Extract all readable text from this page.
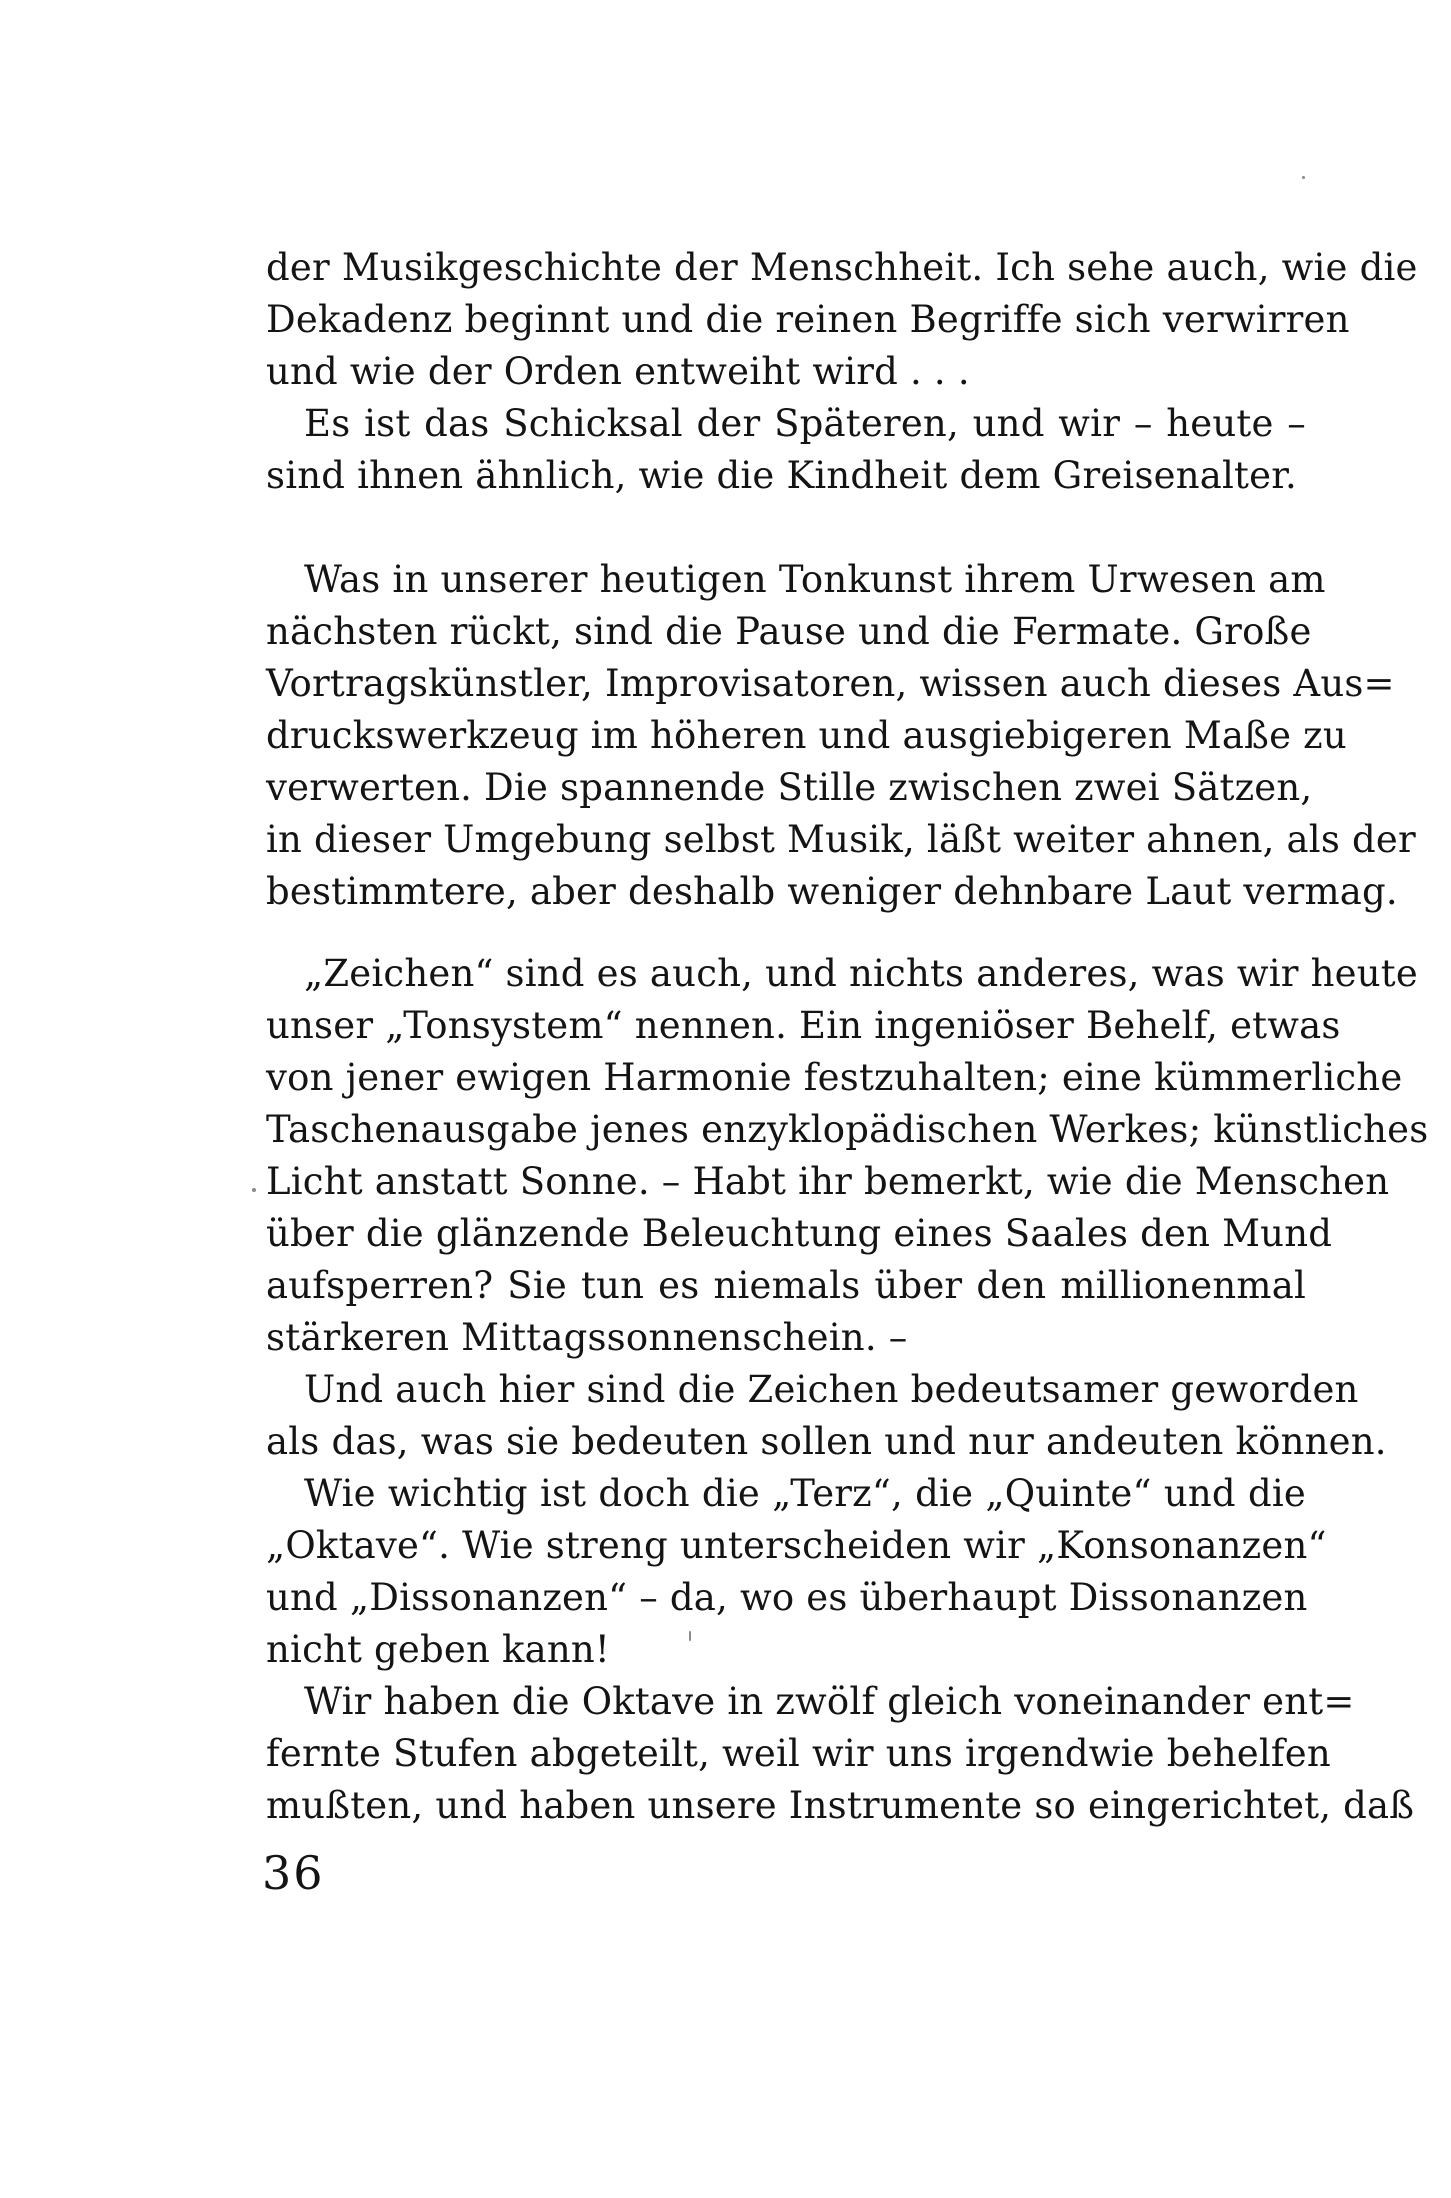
der Musikgeschichte der Menschheit. Ich sehe auch, wie die
Dekadenz beginnt und die reinen Begriffe sich verwirren
und wie der Orden entweiht wird . . .
Es ist das Schicksal der Späteren, und wir – heute –
sind ihnen ähnlich, wie die Kindheit dem Greisenalter.
Was in unserer heutigen Tonkunst ihrem Urwesen am
nächsten rückt, sind die Pause und die Fermate. Große
Vortragskünstler, Improvisatoren, wissen auch dieses Aus=
druckswerkzeug im höheren und ausgiebigeren Maße zu
verwerten. Die spannende Stille zwischen zwei Sätzen,
in dieser Umgebung selbst Musik, läßt weiter ahnen, als der
bestimmtere, aber deshalb weniger dehnbare Laut vermag.
„Zeichen“ sind es auch, und nichts anderes, was wir heute
unser „Tonsystem“ nennen. Ein ingeniöser Behelf, etwas
von jener ewigen Harmonie festzuhalten; eine kümmerliche
Taschenausgabe jenes enzyklopädischen Werkes; künstliches
Licht anstatt Sonne. – Habt ihr bemerkt, wie die Menschen
über die glänzende Beleuchtung eines Saales den Mund
aufsperren? Sie tun es niemals über den millionenmal
stärkeren Mittagssonnenschein. –
Und auch hier sind die Zeichen bedeutsamer geworden
als das, was sie bedeuten sollen und nur andeuten können.
Wie wichtig ist doch die „Terz“, die „Quinte“ und die
„Oktave“. Wie streng unterscheiden wir „Konsonanzen“
und „Dissonanzen“ – da, wo es überhaupt Dissonanzen
nicht geben kann!
Wir haben die Oktave in zwölf gleich voneinander ent=
fernte Stufen abgeteilt, weil wir uns irgendwie behelfen
mußten, und haben unsere Instrumente so eingerichtet, daß
36
